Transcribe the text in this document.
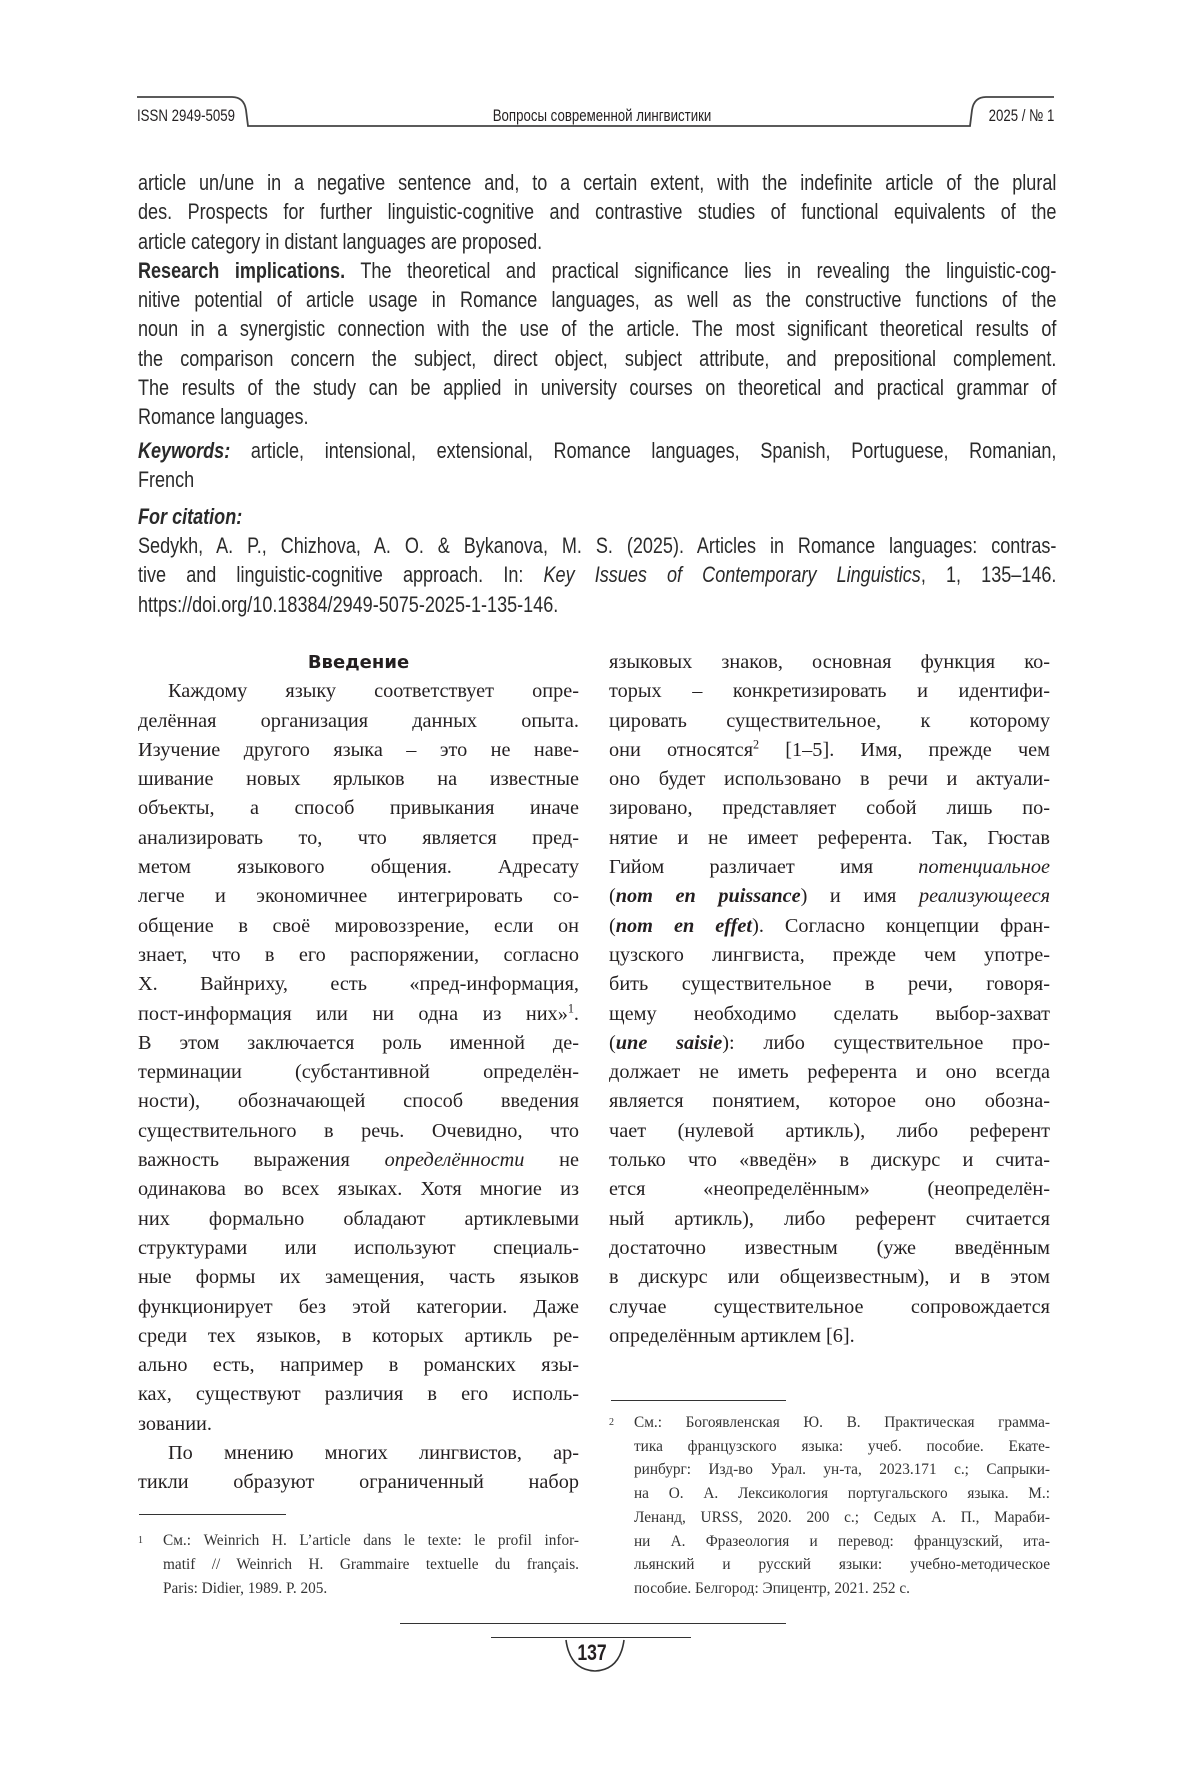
ISSN 2949-5059	Вопросы современной лингвистики	2025 / № 1
article un/une in a negative sentence and, to a certain extent, with the indefinite article of the plural
des. Prospects for further linguistic-cognitive and contrastive studies of functional equivalents of the
article category in distant languages are proposed.
Research implications. The theoretical and practical significance lies in revealing the linguistic-cog-
nitive potential of article usage in Romance languages, as well as the constructive functions of the
noun in a synergistic connection with the use of the article. The most significant theoretical results of
the comparison concern the subject, direct object, subject attribute, and prepositional complement.
The results of the study can be applied in university courses on theoretical and practical grammar of
Romance languages.
Keywords: article, intensional, extensional, Romance languages, Spanish, Portuguese, Romanian,
French
For citation:
Sedykh, A. P., Chizhova, A. O. & Bykanova, M. S. (2025). Articles in Romance languages: contras-
tive and linguistic-cognitive approach. In: Key Issues of Contemporary Linguistics, 1, 135–146.
https://doi.org/10.18384/2949-5075-2025-1-135-146.
Введение
Каждому языку соответствует опре-
делённая организация данных опыта.
Изучение другого языка – это не наве-
шивание новых ярлыков на известные
объекты, а способ привыкания иначе
анализировать то, что является пред-
метом языкового общения. Адресату
легче и экономичнее интегрировать со-
общение в своё мировоззрение, если он
знает, что в его распоряжении, согласно
Х. Вайнриху, есть «пред-информация,
пост-информация или ни одна из них»1.
В этом заключается роль именной де-
терминации (субстантивной определён-
ности), обозначающей способ введения
существительного в речь. Очевидно, что
важность выражения определённости не
одинакова во всех языках. Хотя многие из
них формально обладают артиклевыми
структурами или используют специаль-
ные формы их замещения, часть языков
функционирует без этой категории. Даже
среди тех языков, в которых артикль ре-
ально есть, например в романских язы-
ках, существуют различия в его исполь-
зовании.
По мнению многих лингвистов, ар-
тикли образуют ограниченный набор
языковых знаков, основная функция ко-
торых – конкретизировать и идентифи-
цировать существительное, к которому
они относятся2 [1–5]. Имя, прежде чем
оно будет использовано в речи и актуали-
зировано, представляет собой лишь по-
нятие и не имеет референта. Так, Гюстав
Гийом различает имя потенциальное
(nom en puissance) и имя реализующееся
(nom en effet). Согласно концепции фран-
цузского лингвиста, прежде чем употре-
бить существительное в речи, говоря-
щему необходимо сделать выбор-захват
(une saisie): либо существительное про-
должает не иметь референта и оно всегда
является понятием, которое оно обозна-
чает (нулевой артикль), либо референт
только что «введён» в дискурс и счита-
ется «неопределённым» (неопределён-
ный артикль), либо референт считается
достаточно известным (уже введённым
в дискурс или общеизвестным), и в этом
случае существительное сопровождается
определённым артиклем [6].
1 См.: Weinrich H. L’article dans le texte: le profil infor-
matif // Weinrich H. Grammaire textuelle du français.
Paris: Didier, 1989. P. 205.
2 См.: Богоявленская Ю. В. Практическая грамма-
тика французского языка: учеб. пособие. Екате-
ринбург: Изд-во Урал. ун-та, 2023.171 с.; Сапрыки-
на О. А. Лексикология португальского языка. М.:
Ленанд, URSS, 2020. 200 с.; Седых А. П., Мараби-
ни А. Фразеология и перевод: французский, ита-
льянский и русский языки: учебно-методическое
пособие. Белгород: Эпицентр, 2021. 252 с.
137
